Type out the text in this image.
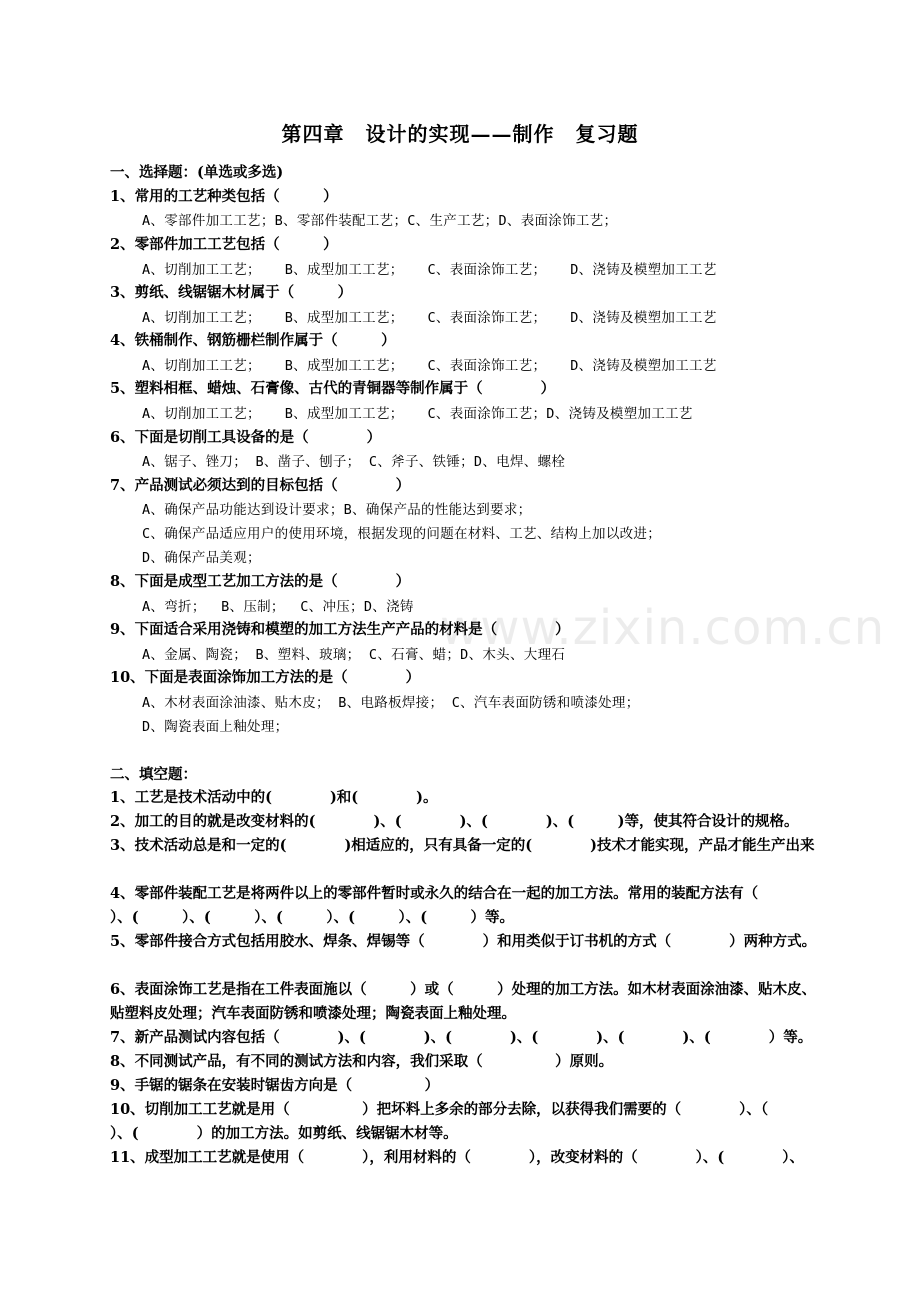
第四章　设计的实现——制作　复习题
一、选择题：(单选或多选)
1、常用的工艺种类包括（　　　）
A、零部件加工工艺；B、零部件装配工艺；C、生产工艺；D、表面涂饰工艺；
2、零部件加工工艺包括（　　　）
A、切削加工工艺；　  B、成型加工工艺；　  C、表面涂饰工艺；　  D、浇铸及模塑加工工艺
3、剪纸、线锯锯木材属于（　　　）
A、切削加工工艺；　  B、成型加工工艺；　  C、表面涂饰工艺；　  D、浇铸及模塑加工工艺
4、铁桶制作、钢筋栅栏制作属于（　　　）
A、切削加工工艺；　  B、成型加工工艺；　  C、表面涂饰工艺；　  D、浇铸及模塑加工工艺
5、塑料相框、蜡烛、石膏像、古代的青铜器等制作属于（　　　　）
A、切削加工工艺；　  B、成型加工工艺；　  C、表面涂饰工艺；D、浇铸及模塑加工工艺
6、下面是切削工具设备的是（　　　　）
A、锯子、锉刀； B、凿子、刨子； C、斧子、铁锤；D、电焊、螺栓
7、产品测试必须达到的目标包括（　　　　）
A、确保产品功能达到设计要求；B、确保产品的性能达到要求；
C、确保产品适应用户的使用环境，根据发现的问题在材料、工艺、结构上加以改进；
D、确保产品美观；
8、下面是成型工艺加工方法的是（　　　　）
A、弯折；　 B、压制；　 C、冲压；D、浇铸
9、下面适合采用浇铸和模塑的加工方法生产产品的材料是（　　　　）
A、金属、陶瓷； B、塑料、玻璃； C、石膏、蜡；D、木头、大理石
10、下面是表面涂饰加工方法的是（　　　　）
A、木材表面涂油漆、贴木皮； B、电路板焊接； C、汽车表面防锈和喷漆处理；
D、陶瓷表面上釉处理；
二、填空题：
1、工艺是技术活动中的(　　　　)和(　　　　)。
2、加工的目的就是改变材料的(　　　　)、(　　　　)、(　　　　)、(　　　)等，使其符合设计的规格。
3、技术活动总是和一定的(　　　　)相适应的，只有具备一定的(　　　　)技术才能实现，产品才能生产出来
4、零部件装配工艺是将两件以上的零部件暂时或永久的结合在一起的加工方法。常用的装配方法有（　　　）、(　　　）、(　　　）、(　　　）、(　　　）、(　　　）等。
5、零部件接合方式包括用胶水、焊条、焊锡等（　　　　）和用类似于订书机的方式（　　　　）两种方式。
6、表面涂饰工艺是指在工件表面施以（　　　）或（　　　）处理的加工方法。如木材表面涂油漆、贴木皮、贴塑料皮处理；汽车表面防锈和喷漆处理；陶瓷表面上釉处理。
7、新产品测试内容包括（　　　　)、(　　　　)、(　　　　)、(　　　　)、(　　　　)、(　　　　）等。
8、不同测试产品，有不同的测试方法和内容，我们采取（　　　　　）原则。
9、手锯的锯条在安装时锯齿方向是（　　　　　）
10、切削加工工艺就是用（　　　　　）把坏料上多余的部分去除，以获得我们需要的（　　　　）、（　　　　）、(　　　　）的加工方法。如剪纸、线锯锯木材等。
11、成型加工工艺就是使用（　　　　），利用材料的（　　　　），改变材料的（　　　　）、(　　　　）、
www.zixin.com.cn
